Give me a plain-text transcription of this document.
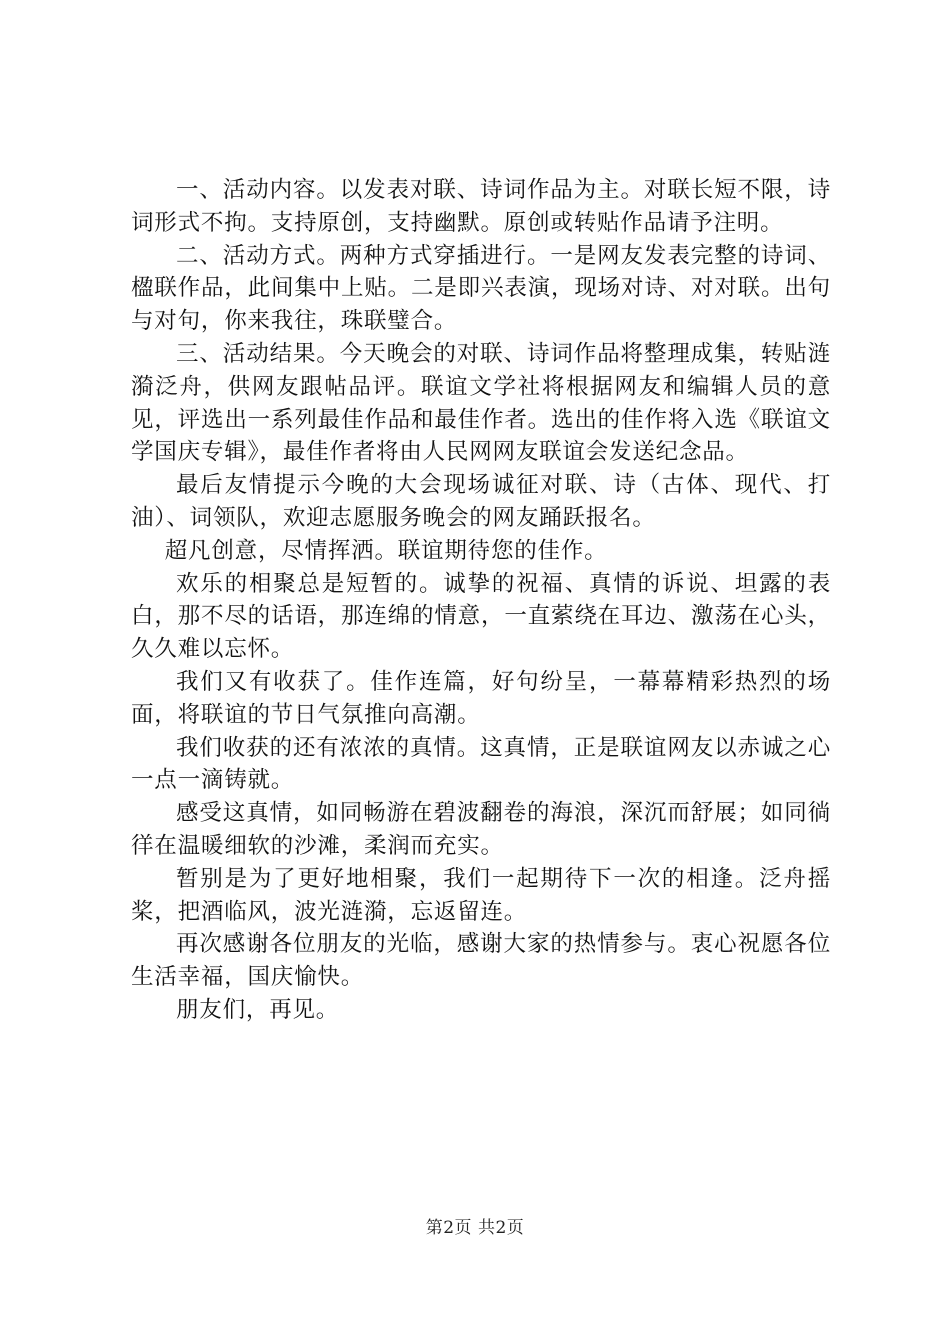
一、活动内容。以发表对联、诗词作品为主。对联长短不限，诗词形式不拘。支持原创，支持幽默。原创或转贴作品请予注明。

二、活动方式。两种方式穿插进行。一是网友发表完整的诗词、楹联作品，此间集中上贴。二是即兴表演，现场对诗、对对联。出句与对句，你来我往，珠联璧合。

三、活动结果。今天晚会的对联、诗词作品将整理成集，转贴涟漪泛舟，供网友跟帖品评。联谊文学社将根据网友和编辑人员的意见，评选出一系列最佳作品和最佳作者。选出的佳作将入选《联谊文学国庆专辑》，最佳作者将由人民网网友联谊会发送纪念品。

最后友情提示今晚的大会现场诚征对联、诗（古体、现代、打油）、词领队，欢迎志愿服务晚会的网友踊跃报名。

超凡创意，尽情挥洒。联谊期待您的佳作。

欢乐的相聚总是短暂的。诚挚的祝福、真情的诉说、坦露的表白，那不尽的话语，那连绵的情意，一直萦绕在耳边、激荡在心头，久久难以忘怀。

我们又有收获了。佳作连篇，好句纷呈，一幕幕精彩热烈的场面，将联谊的节日气氛推向高潮。

我们收获的还有浓浓的真情。这真情，正是联谊网友以赤诚之心一点一滴铸就。

感受这真情，如同畅游在碧波翻卷的海浪，深沉而舒展；如同徜徉在温暖细软的沙滩，柔润而充实。

暂别是为了更好地相聚，我们一起期待下一次的相逢。泛舟摇桨，把酒临风，波光涟漪，忘返留连。

再次感谢各位朋友的光临，感谢大家的热情参与。衷心祝愿各位生活幸福，国庆愉快。

朋友们，再见。

第2页 共2页
